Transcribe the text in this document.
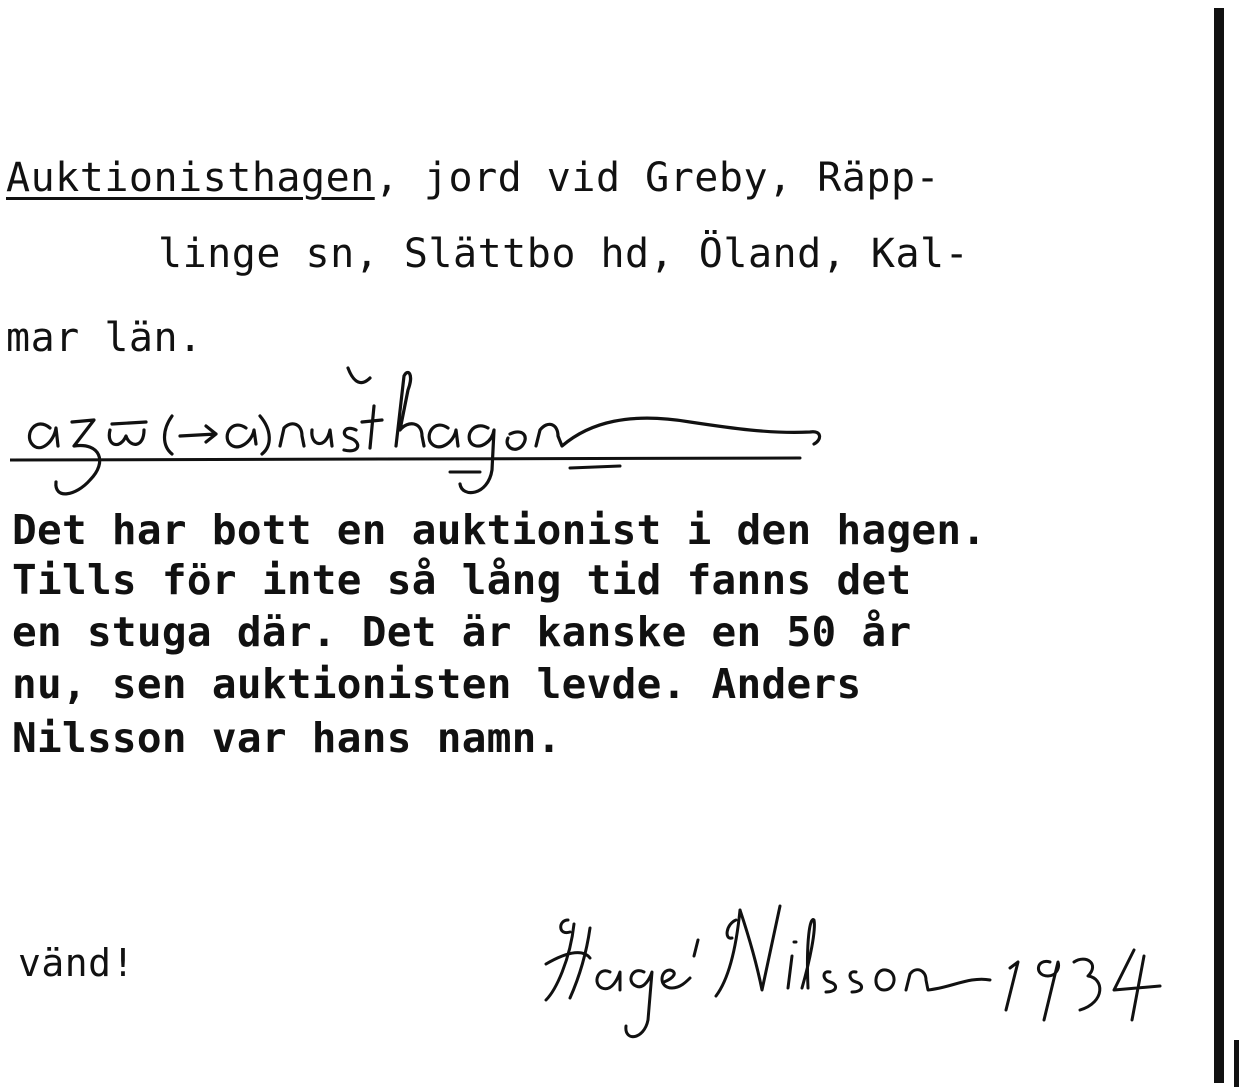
Auktionisthagen, jord vid Greby, Räpp-
linge sn, Slättbo hd, Öland, Kal-
mar län.
Det har bott en auktionist i den hagen.
Tills för inte så lång tid fanns det
en stuga där. Det är kanske en 50 år
nu, sen auktionisten levde. Anders
Nilsson var hans namn.
vänd!
